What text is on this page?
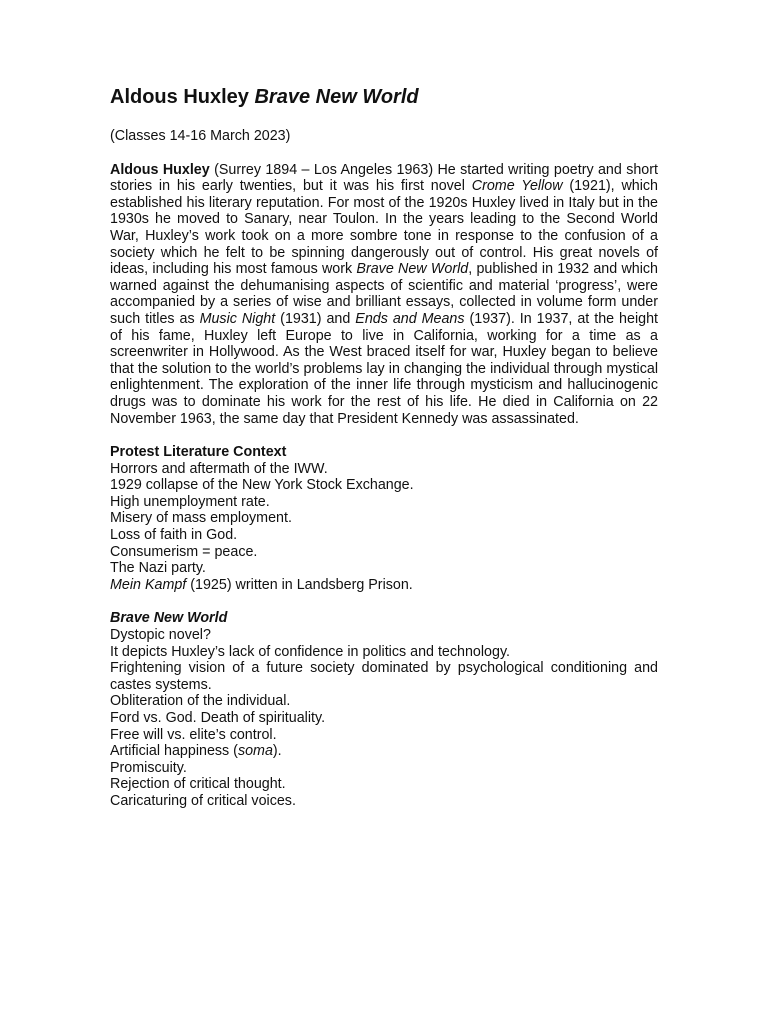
Aldous Huxley Brave New World
(Classes 14-16 March 2023)
Aldous Huxley (Surrey 1894 – Los Angeles 1963) He started writing poetry and short stories in his early twenties, but it was his first novel Crome Yellow (1921), which established his literary reputation. For most of the 1920s Huxley lived in Italy but in the 1930s he moved to Sanary, near Toulon. In the years leading to the Second World War, Huxley’s work took on a more sombre tone in response to the confusion of a society which he felt to be spinning dangerously out of control. His great novels of ideas, including his most famous work Brave New World, published in 1932 and which warned against the dehumanising aspects of scientific and material ‘progress’, were accompanied by a series of wise and brilliant essays, collected in volume form under such titles as Music Night (1931) and Ends and Means (1937). In 1937, at the height of his fame, Huxley left Europe to live in California, working for a time as a screenwriter in Hollywood. As the West braced itself for war, Huxley began to believe that the solution to the world’s problems lay in changing the individual through mystical enlightenment. The exploration of the inner life through mysticism and hallucinogenic drugs was to dominate his work for the rest of his life. He died in California on 22 November 1963, the same day that President Kennedy was assassinated.
Protest Literature Context
Horrors and aftermath of the IWW.
1929 collapse of the New York Stock Exchange.
High unemployment rate.
Misery of mass employment.
Loss of faith in God.
Consumerism = peace.
The Nazi party.
Mein Kampf (1925) written in Landsberg Prison.
Brave New World
Dystopic novel?
It depicts Huxley’s lack of confidence in politics and technology.
Frightening vision of a future society dominated by psychological conditioning and castes systems.
Obliteration of the individual.
Ford vs. God. Death of spirituality.
Free will vs. elite’s control.
Artificial happiness (soma).
Promiscuity.
Rejection of critical thought.
Caricaturing of critical voices.
